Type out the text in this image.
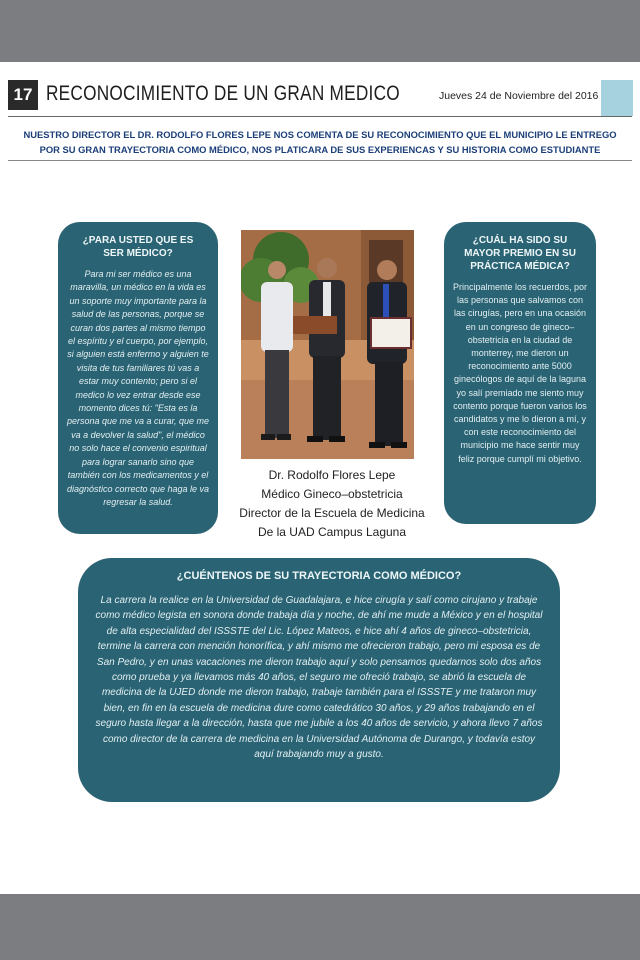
17 RECONOCIMIENTO DE UN GRAN MEDICO	Jueves 24 de Noviembre del 2016
NUESTRO DIRECTOR EL DR. RODOLFO FLORES LEPE NOS COMENTA DE SU RECONOCIMIENTO QUE EL MUNICIPIO LE ENTREGO
POR SU GRAN TRAYECTORIA COMO MÉDICO, NOS PLATICARA DE SUS EXPERIENCAS Y SU HISTORIA COMO ESTUDIANTE
¿PARA USTED QUE ES SER MÉDICO?
Para mi ser médico es una maravilla, un médico en la vida es un soporte muy importante para la salud de las personas, porque se curan dos partes al mismo tiempo el espíritu y el cuerpo, por ejemplo, si alguien está enfermo y alguien te visita de tus familiares tú vas a estar muy contento; pero si el medico lo vez entrar desde ese momento dices tú: "Esta es la persona que me va a curar, que me va a devolver la salud", el médico no solo hace el convenio espiritual para lograr sanarlo sino que también con los medicamentos y el diagnóstico correcto que haga le va regresar la salud.
Dr. Rodolfo Flores Lepe
Médico Gineco–obstetricia
Director de la Escuela de Medicina
De la UAD Campus Laguna
¿CUÁL HA SIDO SU MAYOR PREMIO EN SU PRÁCTICA MÉDICA?
Principalmente los recuerdos, por las personas que salvamos con las cirugías, pero en una ocasión en un congreso de gineco–obstetricia en la ciudad de monterrey, me dieron un reconocimiento ante 5000 ginecólogos de aquí de la laguna yo salí premiado me siento muy contento porque fueron varios los candidatos y me lo dieron a mí, y con este reconocimiento del municipio me hace sentir muy feliz porque cumplí mi objetivo.
¿CUÉNTENOS DE SU TRAYECTORIA COMO MÉDICO?
La carrera la realice en la Universidad de Guadalajara, e hice cirugía y salí como cirujano y trabaje como médico legista en sonora donde trabaja día y noche, de ahí me mude a México y en el hospital de alta especialidad del ISSSTE del Lic. López Mateos, e hice ahí 4 años de gineco–obstetricia, termine la carrera con mención honorífica, y ahí mismo me ofrecieron trabajo, pero mi esposa es de San Pedro, y en unas vacaciones me dieron trabajo aquí y solo pensamos quedarnos solo dos años como prueba y ya llevamos más 40 años, el seguro me ofreció trabajo, se abrió la escuela de medicina de la UJED donde me dieron trabajo, trabaje también para el ISSSTE y me trataron muy bien, en fin en la escuela de medicina dure como catedrático 30 años, y 29 años trabajando en el seguro hasta llegar a la dirección, hasta que me jubile a los 40 años de servicio, y ahora llevo 7 años como director de la carrera de medicina en la Universidad Autónoma de Durango, y todavía estoy aquí trabajando muy a gusto.
